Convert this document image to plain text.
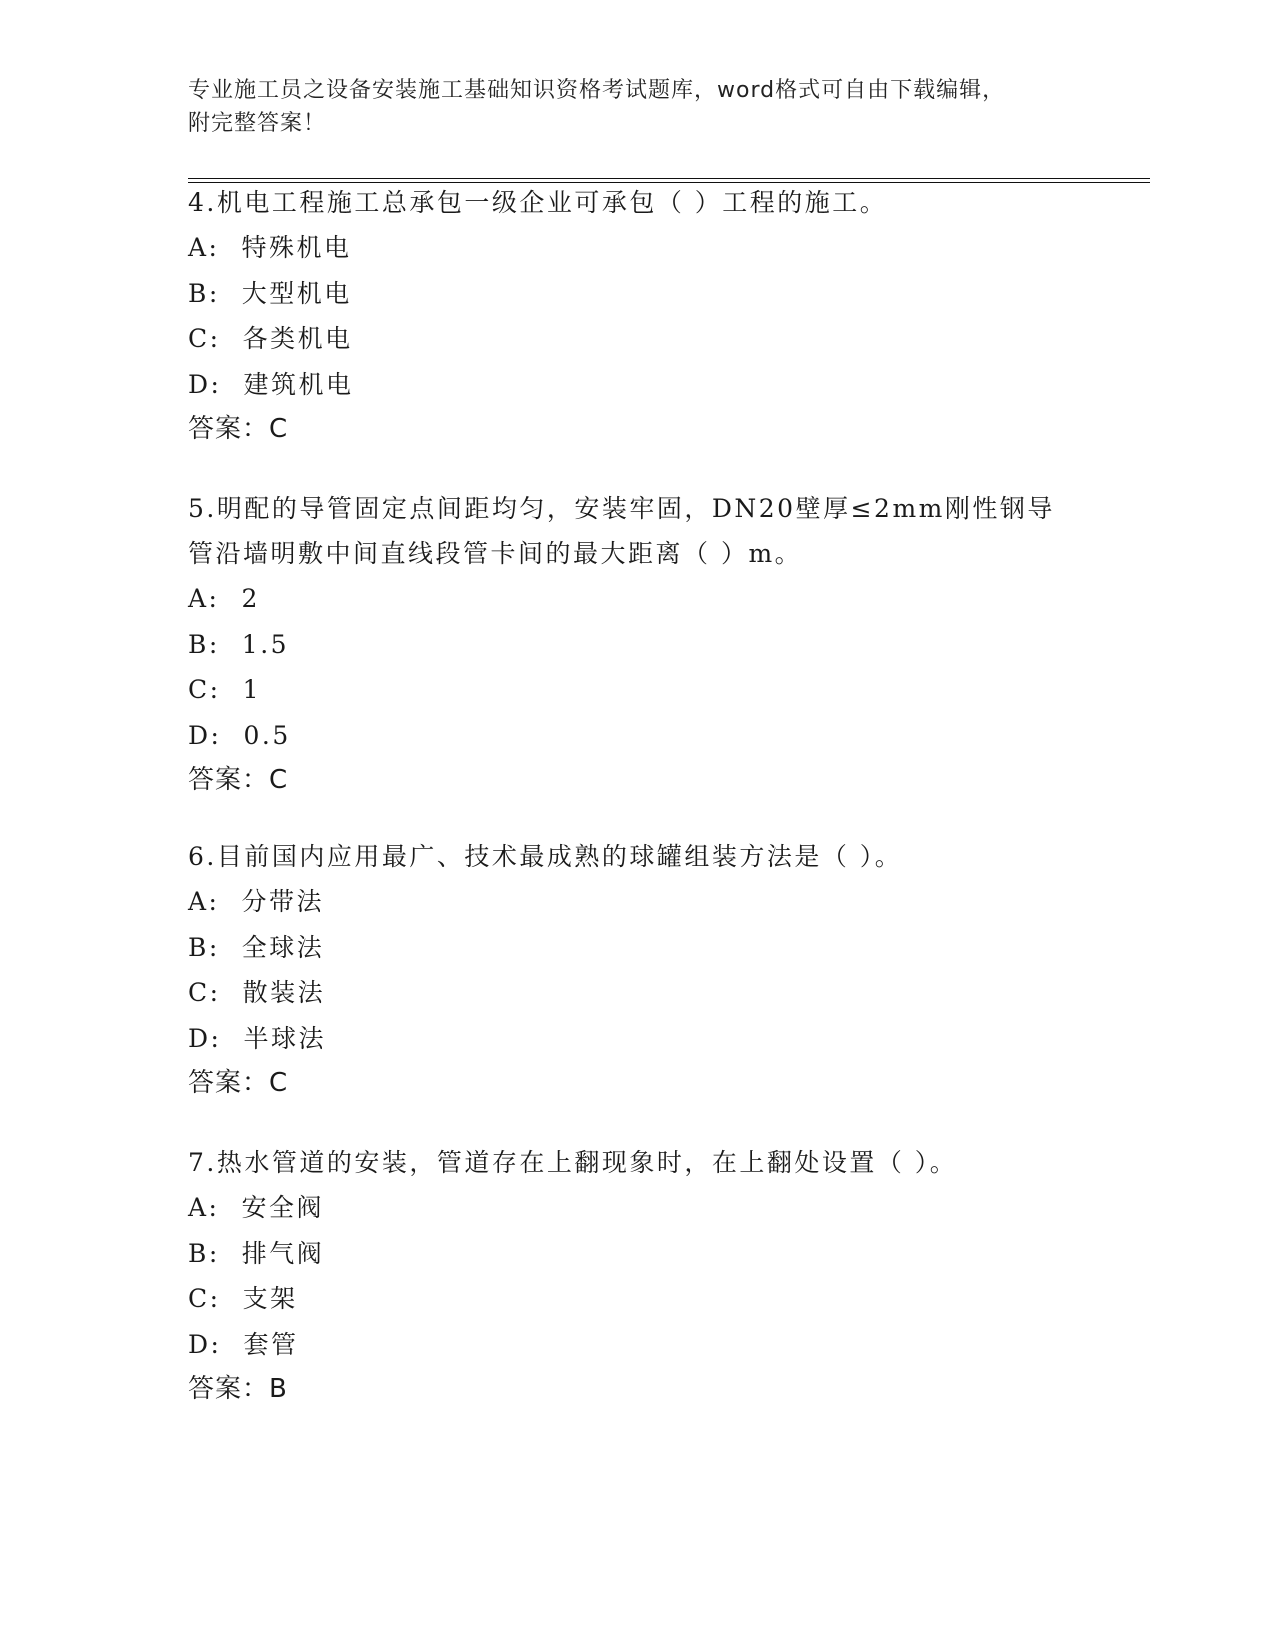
专业施工员之设备安装施工基础知识资格考试题库，word格式可自由下载编辑，
附完整答案！

4.机电工程施工总承包一级企业可承包（ ）工程的施工。

A: 特殊机电

B: 大型机电

C: 各类机电

D: 建筑机电

答案：C

5.明配的导管固定点间距均匀，安装牢固，DN20壁厚≤2mm刚性钢导

管沿墙明敷中间直线段管卡间的最大距离（ ）m。

A: 2

B: 1.5

C: 1

D: 0.5

答案：C

6.目前国内应用最广、技术最成熟的球罐组装方法是（ ）。

A: 分带法

B: 全球法

C: 散装法

D: 半球法

答案：C

7.热水管道的安装，管道存在上翻现象时，在上翻处设置（ ）。

A: 安全阀

B: 排气阀

C: 支架

D: 套管

答案：B
